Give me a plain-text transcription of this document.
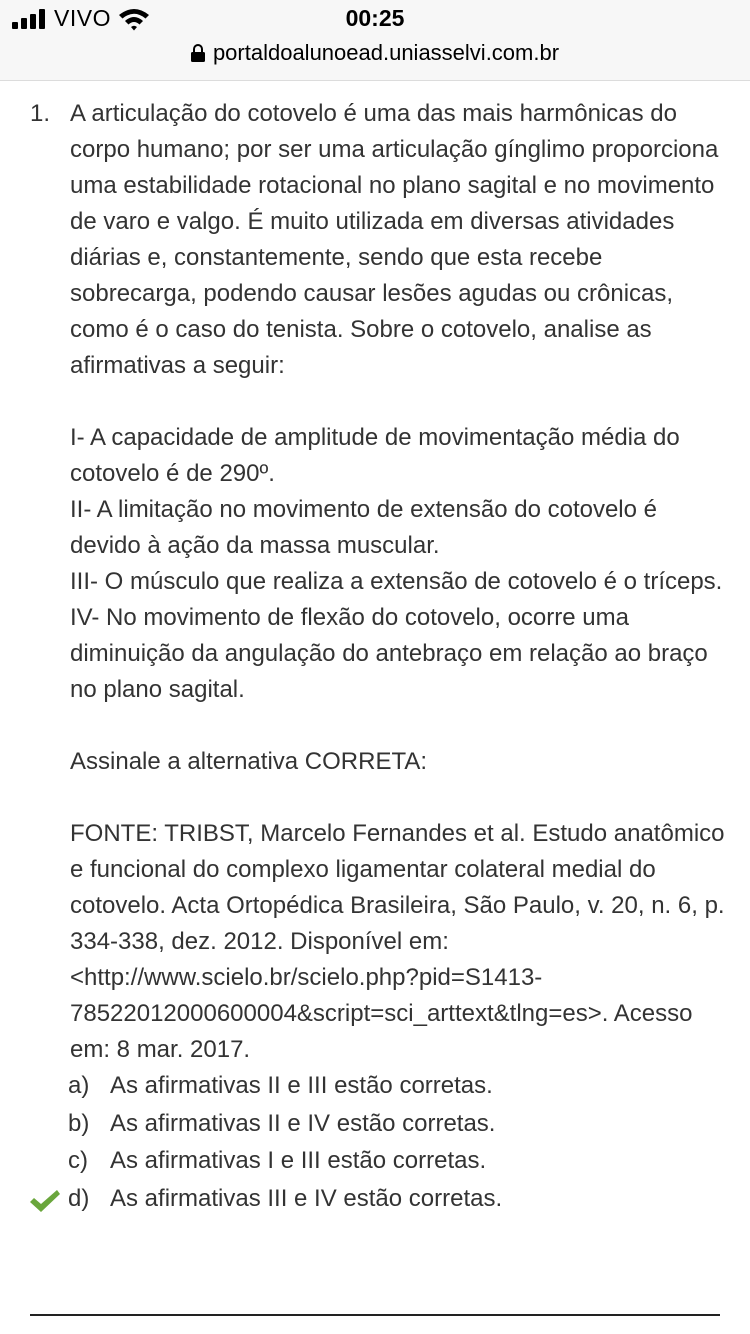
VIVO	00:25
portaldoalunoead.uniasselvi.com.br
1. A articulação do cotovelo é uma das mais harmônicas do corpo humano; por ser uma articulação gínglimo proporciona uma estabilidade rotacional no plano sagital e no movimento de varo e valgo. É muito utilizada em diversas atividades diárias e, constantemente, sendo que esta recebe sobrecarga, podendo causar lesões agudas ou crônicas, como é o caso do tenista. Sobre o cotovelo, analise as afirmativas a seguir:

I- A capacidade de amplitude de movimentação média do cotovelo é de 290º.

II- A limitação no movimento de extensão do cotovelo é devido à ação da massa muscular.

III- O músculo que realiza a extensão de cotovelo é o tríceps.

IV- No movimento de flexão do cotovelo, ocorre uma diminuição da angulação do antebraço em relação ao braço no plano sagital.

Assinale a alternativa CORRETA:

FONTE: TRIBST, Marcelo Fernandes et al. Estudo anatômico e funcional do complexo ligamentar colateral medial do cotovelo. Acta Ortopédica Brasileira, São Paulo, v. 20, n. 6, p. 334-338, dez. 2012. Disponível em: <http://www.scielo.br/scielo.php?pid=S1413-78522012000600004&script=sci_arttext&tlng=es>. Acesso em: 8 mar. 2017.

a) As afirmativas II e III estão corretas.
b) As afirmativas II e IV estão corretas.
c) As afirmativas I e III estão corretas.
d) As afirmativas III e IV estão corretas.
